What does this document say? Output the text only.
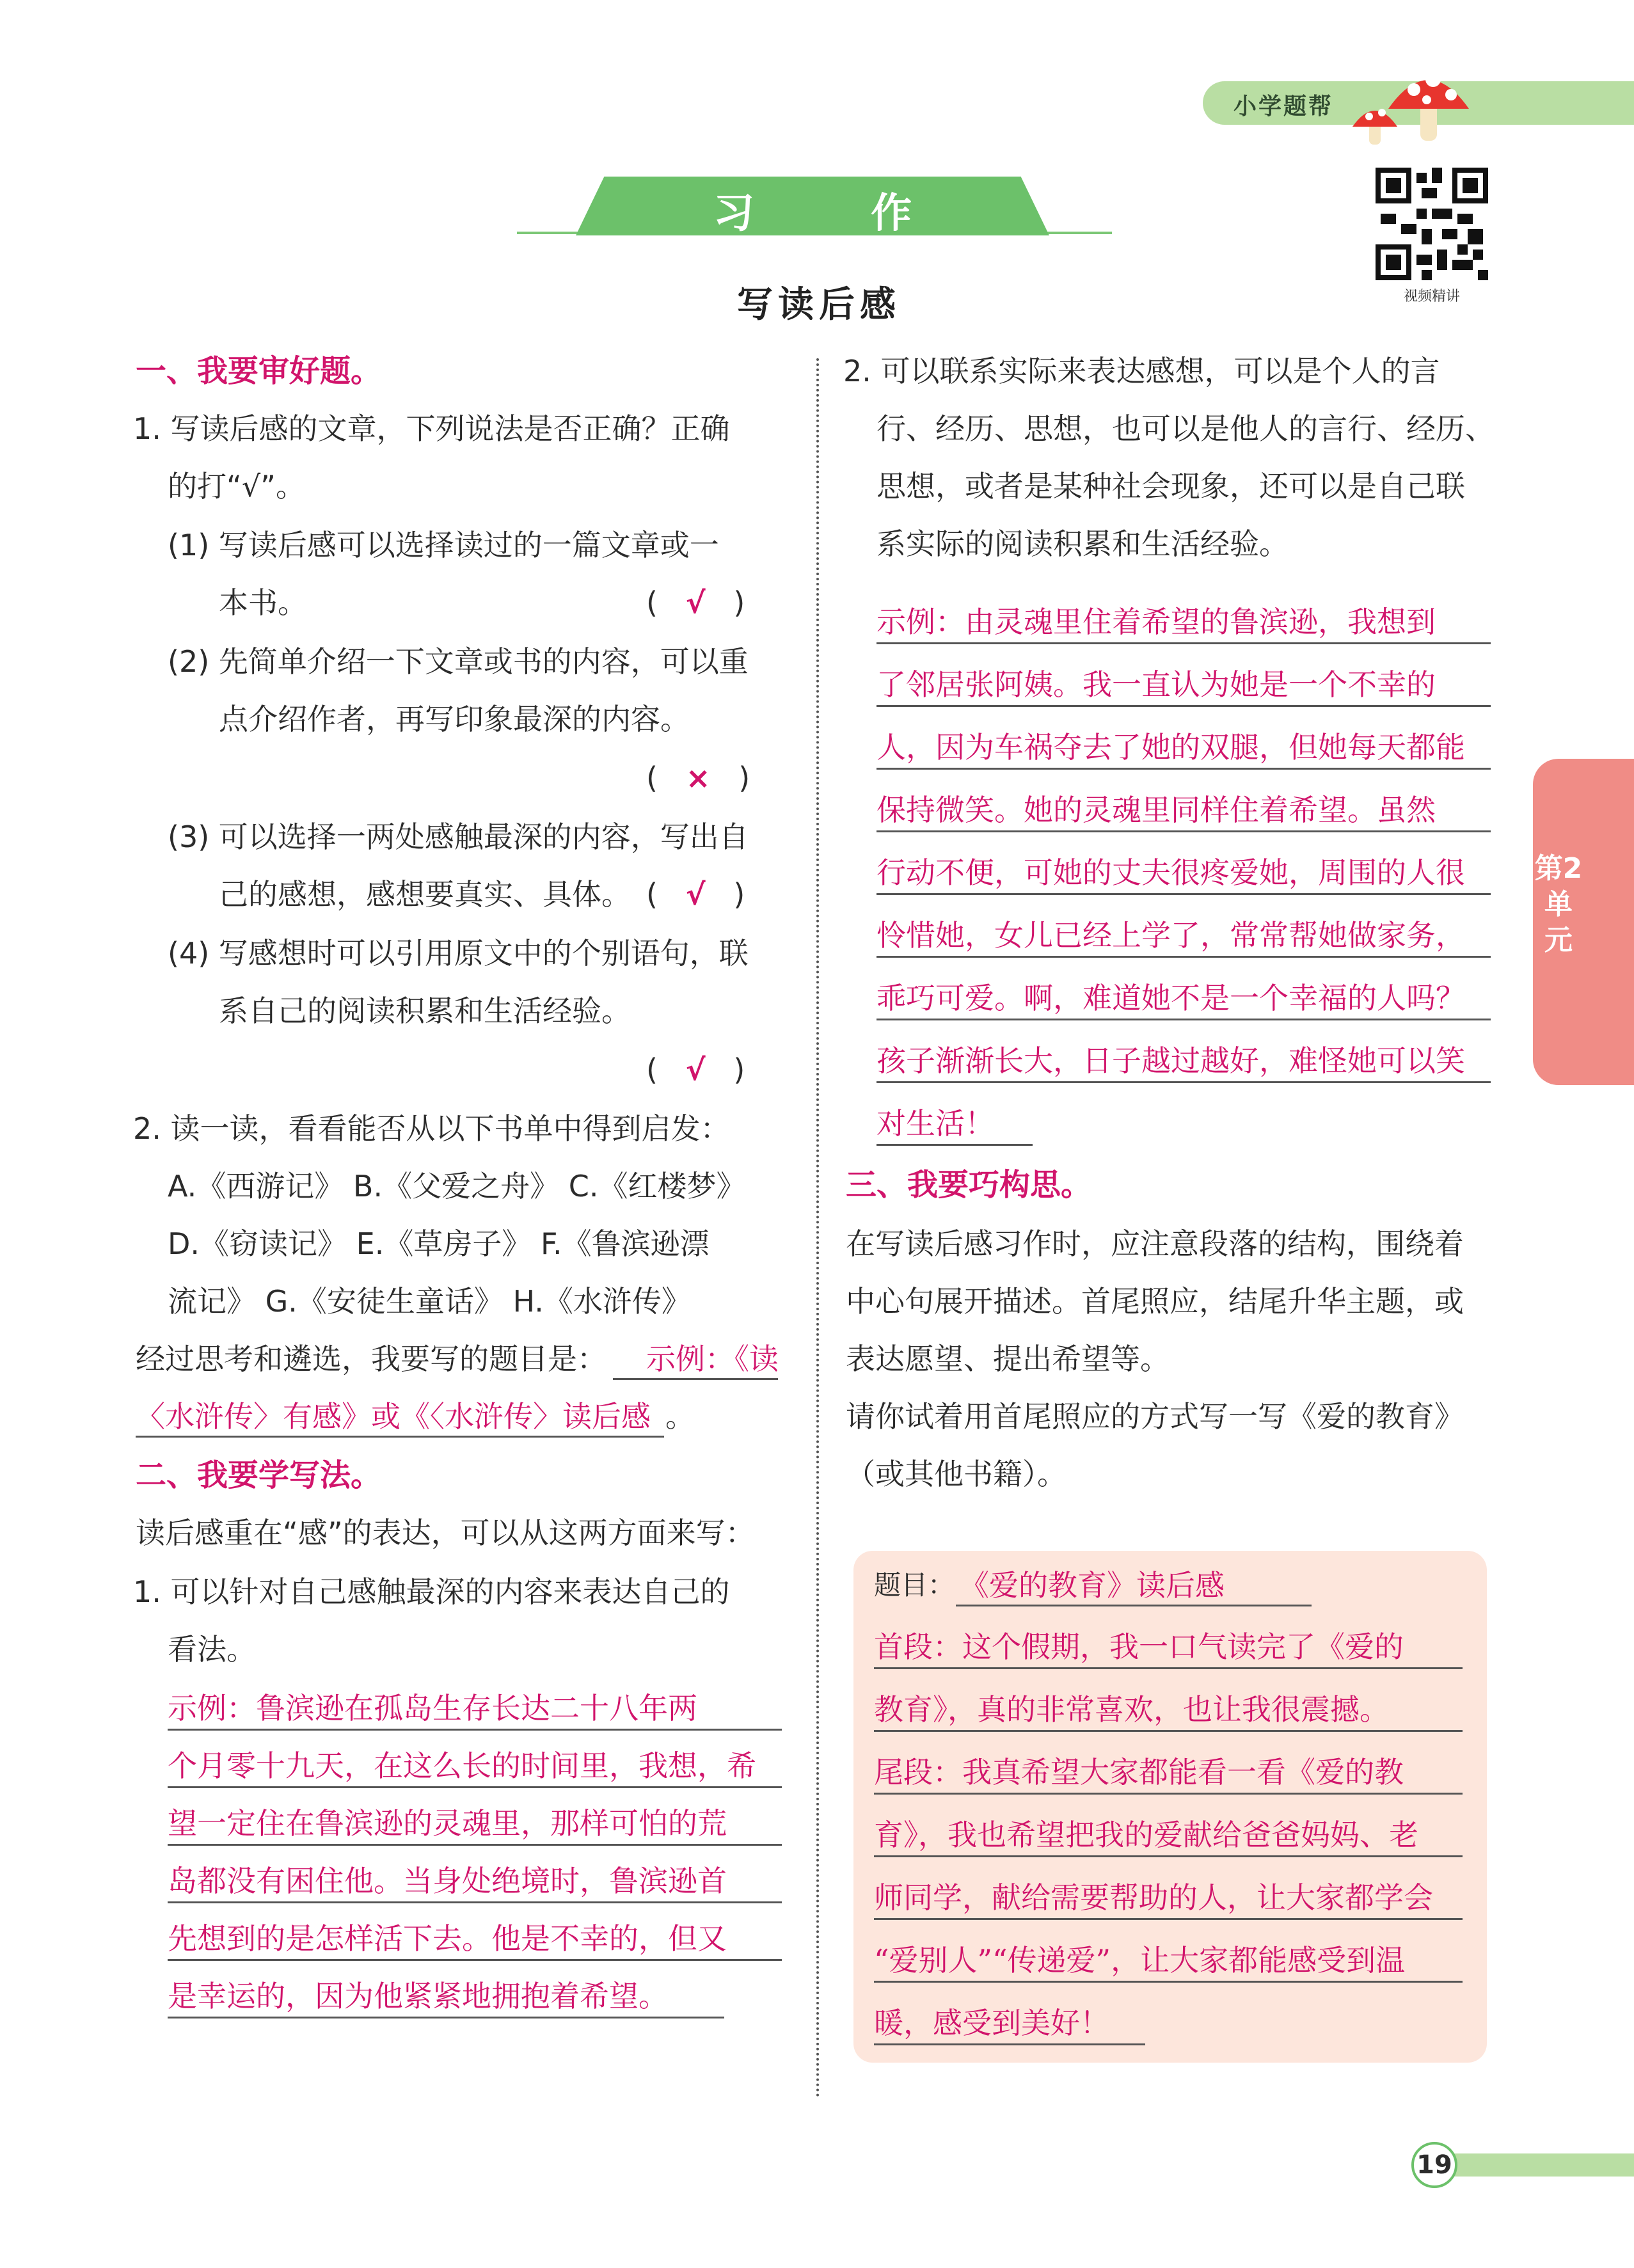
小学题帮
习 作
写读后感	视频精讲
第2单元
一、我要审好题。
1. 写读后感的文章，下列说法是否正确？正确
的打“√”。
(1) 写读后感可以选择读过的一篇文章或一
本书。	(   √   )
(2) 先简单介绍一下文章或书的内容，可以重
点介绍作者，再写印象最深的内容。
(   ×   )
(3) 可以选择一两处感触最深的内容，写出自
己的感想，感想要真实、具体。 (   √   )
(4) 写感想时可以引用原文中的个别语句，联
系自己的阅读积累和生活经验。
(   √   )
2. 读一读，看看能否从以下书单中得到启发：
A.《西游记》 B.《父爱之舟》 C.《红楼梦》
D.《窃读记》 E.《草房子》 F.《鲁滨逊漂
流记》 G.《安徒生童话》 H.《水浒传》
经过思考和遴选，我要写的题目是： 示例：《读
〈水浒传〉有感》或《〈水浒传〉读后感 。
二、我要学写法。
读后感重在“感”的表达，可以从这两方面来写：
1. 可以针对自己感触最深的内容来表达自己的
看法。
示例：鲁滨逊在孤岛生存长达二十八年两
个月零十九天，在这么长的时间里，我想，希
望一定住在鲁滨逊的灵魂里，那样可怕的荒
岛都没有困住他。当身处绝境时，鲁滨逊首
先想到的是怎样活下去。他是不幸的，但又
是幸运的，因为他紧紧地拥抱着希望。
2. 可以联系实际来表达感想，可以是个人的言
行、经历、思想，也可以是他人的言行、经历、
思想，或者是某种社会现象，还可以是自己联
系实际的阅读积累和生活经验。
示例：由灵魂里住着希望的鲁滨逊，我想到
了邻居张阿姨。我一直认为她是一个不幸的
人，因为车祸夺去了她的双腿，但她每天都能
保持微笑。她的灵魂里同样住着希望。虽然
行动不便，可她的丈夫很疼爱她，周围的人很
怜惜她，女儿已经上学了，常常帮她做家务，
乖巧可爱。啊，难道她不是一个幸福的人吗？
孩子渐渐长大，日子越过越好，难怪她可以笑
对生活！
三、我要巧构思。
在写读后感习作时，应注意段落的结构，围绕着
中心句展开描述。首尾照应，结尾升华主题，或
表达愿望、提出希望等。
请你试着用首尾照应的方式写一写《爱的教育》
（或其他书籍）。
题目： 《爱的教育》读后感
首段：这个假期，我一口气读完了《爱的
教育》，真的非常喜欢，也让我很震撼。
尾段：我真希望大家都能看一看《爱的教
育》，我也希望把我的爱献给爸爸妈妈、老
师同学，献给需要帮助的人，让大家都学会
“爱别人”“传递爱”，让大家都能感受到温
暖，感受到美好！
19
